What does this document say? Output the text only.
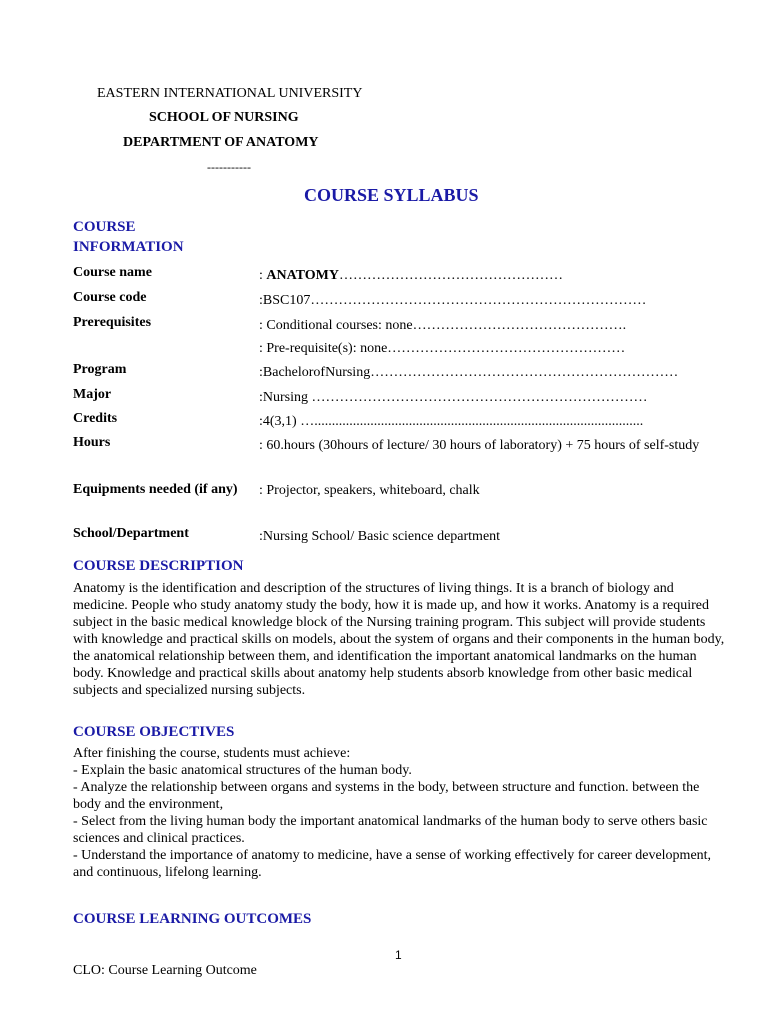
EASTERN INTERNATIONAL UNIVERSITY
SCHOOL OF NURSING
DEPARTMENT OF ANATOMY
-----------
COURSE SYLLABUS
COURSE INFORMATION
Course name	: ANATOMY…………………………………………
Course code	:BSC107………………………………………………………………
Prerequisites	: Conditional courses: none……………………………………….
: Pre-requisite(s): none……………………………………………
Program	:BachelorofNursing…………………………………………………………
Major	:Nursing ………………………………………………………………
Credits	:4(3,1) …..............................................................................................
Hours	: 60.hours (30hours of lecture/ 30 hours of laboratory) + 75 hours of self-study
Equipments needed (if any)	: Projector, speakers, whiteboard, chalk
School/Department	:Nursing School/ Basic science department
COURSE DESCRIPTION

Anatomy is the identification and description of the structures of living things. It is a branch of biology and medicine. People who study anatomy study the body, how it is made up, and how it works. Anatomy is a required subject in the basic medical knowledge block of the Nursing training program. This subject will provide students with knowledge and practical skills on models, about the system of organs and their components in the human body, the anatomical relationship between them, and identification the important anatomical landmarks on the human body. Knowledge and practical skills about anatomy help students absorb knowledge from other basic medical subjects and specialized nursing subjects.

COURSE OBJECTIVES

After finishing the course, students must achieve:

- Explain the basic anatomical structures of the human body.

- Analyze the relationship between organs and systems in the body, between structure and function. between the body and the environment,

- Select from the living human body the important anatomical landmarks of the human body to serve others basic sciences and clinical practices.

- Understand the importance of anatomy to medicine, have a sense of working effectively for career development, and continuous, lifelong learning.

COURSE LEARNING OUTCOMES
1
CLO: Course Learning Outcome
